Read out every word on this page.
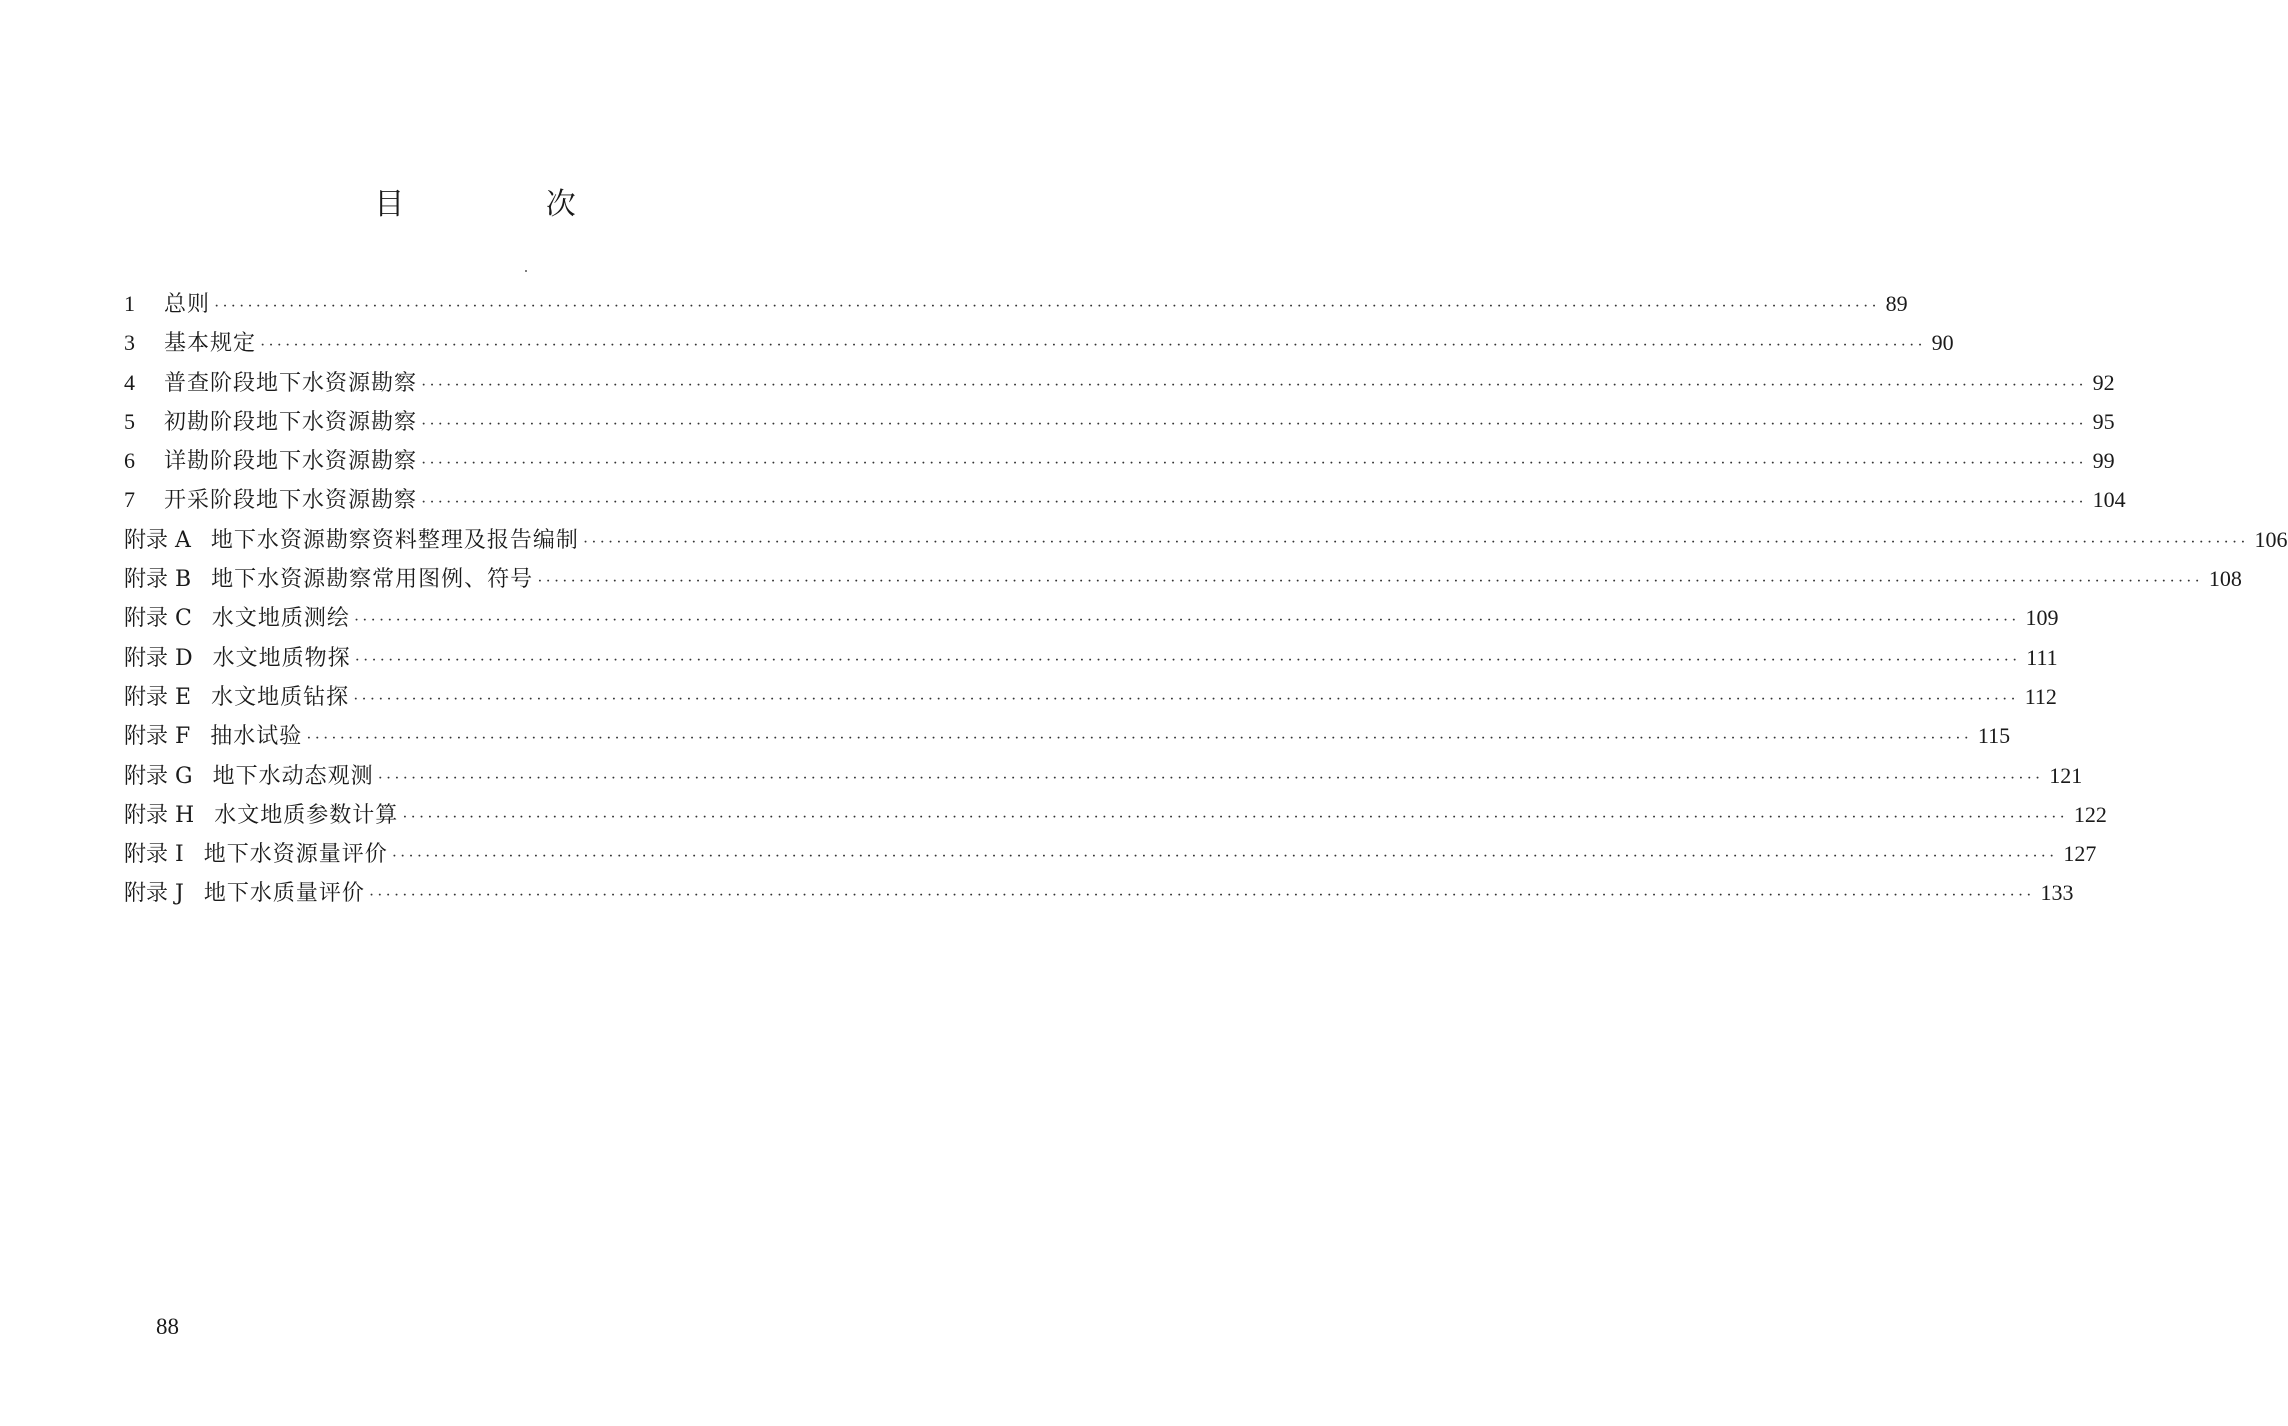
目 次
1	总则 ········································································································································································································ 89
3	基本规定 ········································································································································································································ 90
4	普查阶段地下水资源勘察 ········································································································································································································ 92
5	初勘阶段地下水资源勘察 ········································································································································································································ 95
6	详勘阶段地下水资源勘察 ········································································································································································································ 99
7	开采阶段地下水资源勘察 ········································································································································································································ 104
附录 A 地下水资源勘察资料整理及报告编制 ········································································································································································································ 106
附录 B 地下水资源勘察常用图例、符号 ········································································································································································································ 108
附录 C 水文地质测绘 ········································································································································································································ 109
附录 D 水文地质物探 ········································································································································································································ 111
附录 E 水文地质钻探 ········································································································································································································ 112
附录 F 抽水试验 ········································································································································································································ 115
附录 G 地下水动态观测 ········································································································································································································ 121
附录 H 水文地质参数计算 ········································································································································································································ 122
附录 I 地下水资源量评价 ········································································································································································································ 127
附录 J 地下水质量评价 ········································································································································································································ 133
88
